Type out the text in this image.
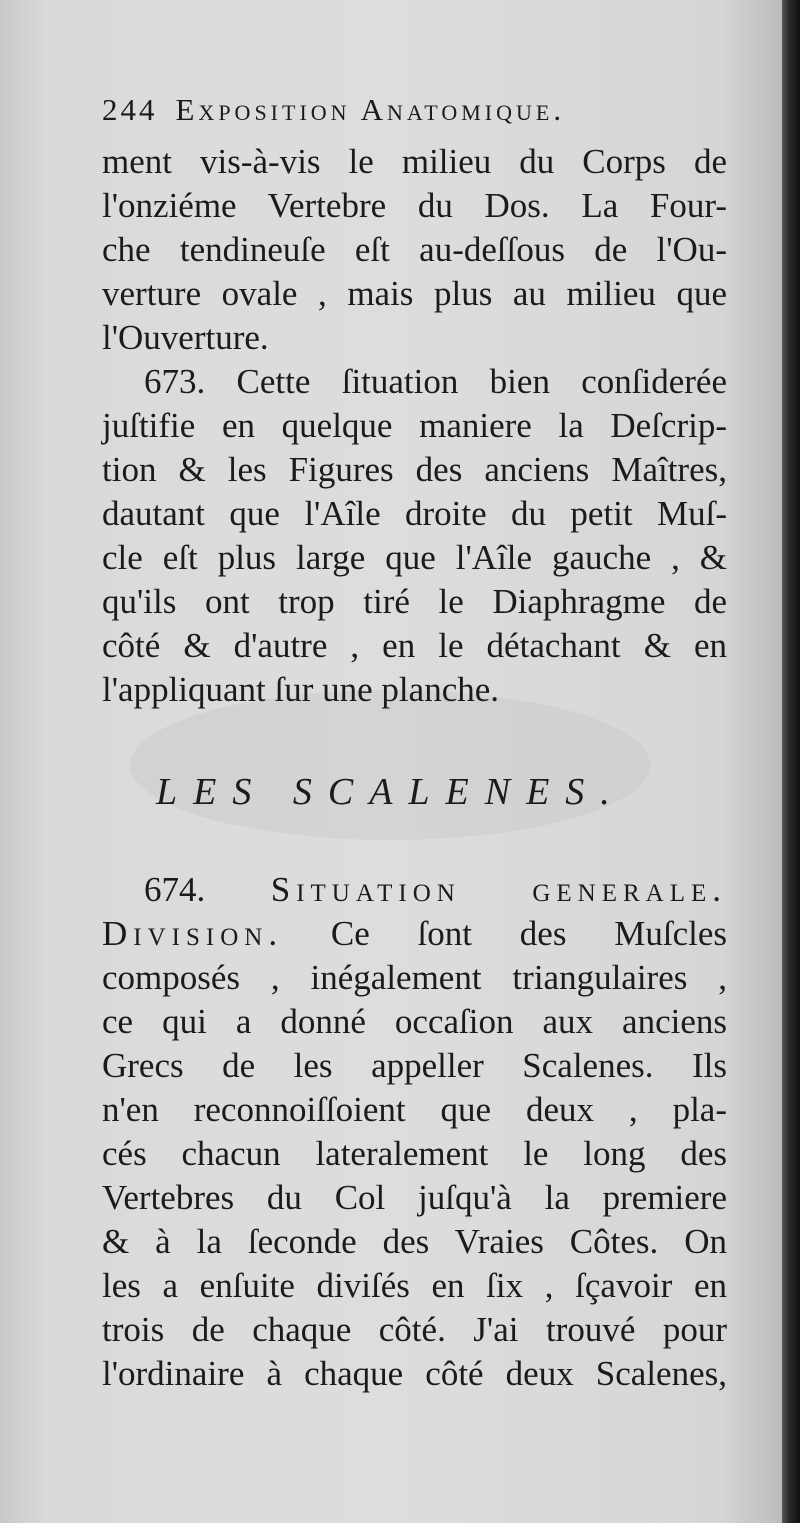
244 Exposition Anatomique.
ment vis-à-vis le milieu du Corps de
l'onziéme Vertebre du Dos. La Four-
che tendineuſe eſt au-deſſous de l'Ou-
verture ovale , mais plus au milieu que
l'Ouverture.
673. Cette ſituation bien conſiderée
juſtifie en quelque maniere la Deſcrip-
tion & les Figures des anciens Maîtres,
dautant que l'Aîle droite du petit Muſ-
cle eſt plus large que l'Aîle gauche , &
qu'ils ont trop tiré le Diaphragme de
côté & d'autre , en le détachant & en
l'appliquant ſur une planche.
LES SCALENES.
674. Situation generale.
Division. Ce ſont des Muſcles
composés , inégalement triangulaires ,
ce qui a donné occaſion aux anciens
Grecs de les appeller Scalenes. Ils
n'en reconnoiſſoient que deux , pla-
cés chacun lateralement le long des
Vertebres du Col juſqu'à la premiere
& à la ſeconde des Vraies Côtes. On
les a enſuite diviſés en ſix , ſçavoir en
trois de chaque côté. J'ai trouvé pour
l'ordinaire à chaque côté deux Scalenes,
